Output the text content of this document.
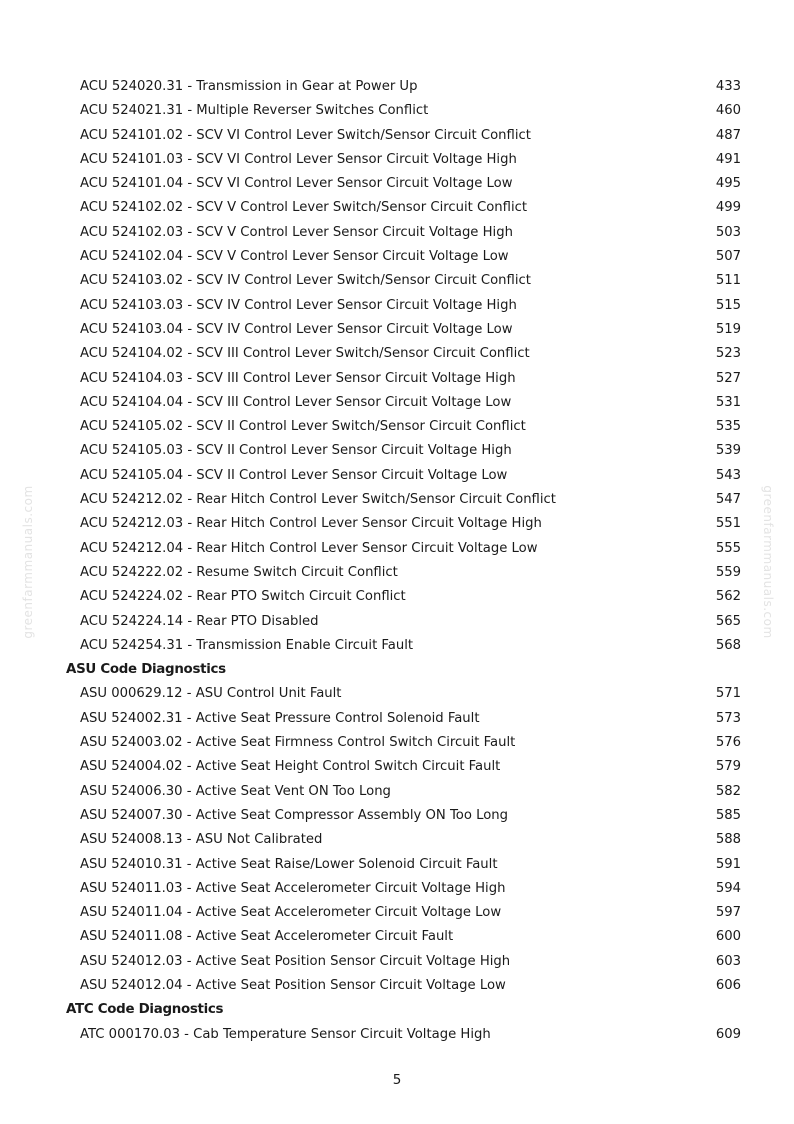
ACU 524020.31 - Transmission in Gear at Power Up	433
ACU 524021.31 - Multiple Reverser Switches Conflict	460
ACU 524101.02 - SCV VI Control Lever Switch/Sensor Circuit Conflict	487
ACU 524101.03 - SCV VI Control Lever Sensor Circuit Voltage High	491
ACU 524101.04 - SCV VI Control Lever Sensor Circuit Voltage Low	495
ACU 524102.02 - SCV V Control Lever Switch/Sensor Circuit Conflict	499
ACU 524102.03 - SCV V Control Lever Sensor Circuit Voltage High	503
ACU 524102.04 - SCV V Control Lever Sensor Circuit Voltage Low	507
ACU 524103.02 - SCV IV Control Lever Switch/Sensor Circuit Conflict	511
ACU 524103.03 - SCV IV Control Lever Sensor Circuit Voltage High	515
ACU 524103.04 - SCV IV Control Lever Sensor Circuit Voltage Low	519
ACU 524104.02 - SCV III Control Lever Switch/Sensor Circuit Conflict	523
ACU 524104.03 - SCV III Control Lever Sensor Circuit Voltage High	527
ACU 524104.04 - SCV III Control Lever Sensor Circuit Voltage Low	531
ACU 524105.02 - SCV II Control Lever Switch/Sensor Circuit Conflict	535
ACU 524105.03 - SCV II Control Lever Sensor Circuit Voltage High	539
ACU 524105.04 - SCV II Control Lever Sensor Circuit Voltage Low	543
ACU 524212.02 - Rear Hitch Control Lever Switch/Sensor Circuit Conflict	547
ACU 524212.03 - Rear Hitch Control Lever Sensor Circuit Voltage High	551
ACU 524212.04 - Rear Hitch Control Lever Sensor Circuit Voltage Low	555
ACU 524222.02 - Resume Switch Circuit Conflict	559
ACU 524224.02 - Rear PTO Switch Circuit Conflict	562
ACU 524224.14 - Rear PTO Disabled	565
ACU 524254.31 - Transmission Enable Circuit Fault	568
ASU Code Diagnostics
ASU 000629.12 - ASU Control Unit Fault	571
ASU 524002.31 - Active Seat Pressure Control Solenoid Fault	573
ASU 524003.02 - Active Seat Firmness Control Switch Circuit Fault	576
ASU 524004.02 - Active Seat Height Control Switch Circuit Fault	579
ASU 524006.30 - Active Seat Vent ON Too Long	582
ASU 524007.30 - Active Seat Compressor Assembly ON Too Long	585
ASU 524008.13 - ASU Not Calibrated	588
ASU 524010.31 - Active Seat Raise/Lower Solenoid Circuit Fault	591
ASU 524011.03 - Active Seat Accelerometer Circuit Voltage High	594
ASU 524011.04 - Active Seat Accelerometer Circuit Voltage Low	597
ASU 524011.08 - Active Seat Accelerometer Circuit Fault	600
ASU 524012.03 - Active Seat Position Sensor Circuit Voltage High	603
ASU 524012.04 - Active Seat Position Sensor Circuit Voltage Low	606
ATC Code Diagnostics
ATC 000170.03 - Cab Temperature Sensor Circuit Voltage High	609
greenfarmmanuals.com	greenfarmmanuals.com
5
